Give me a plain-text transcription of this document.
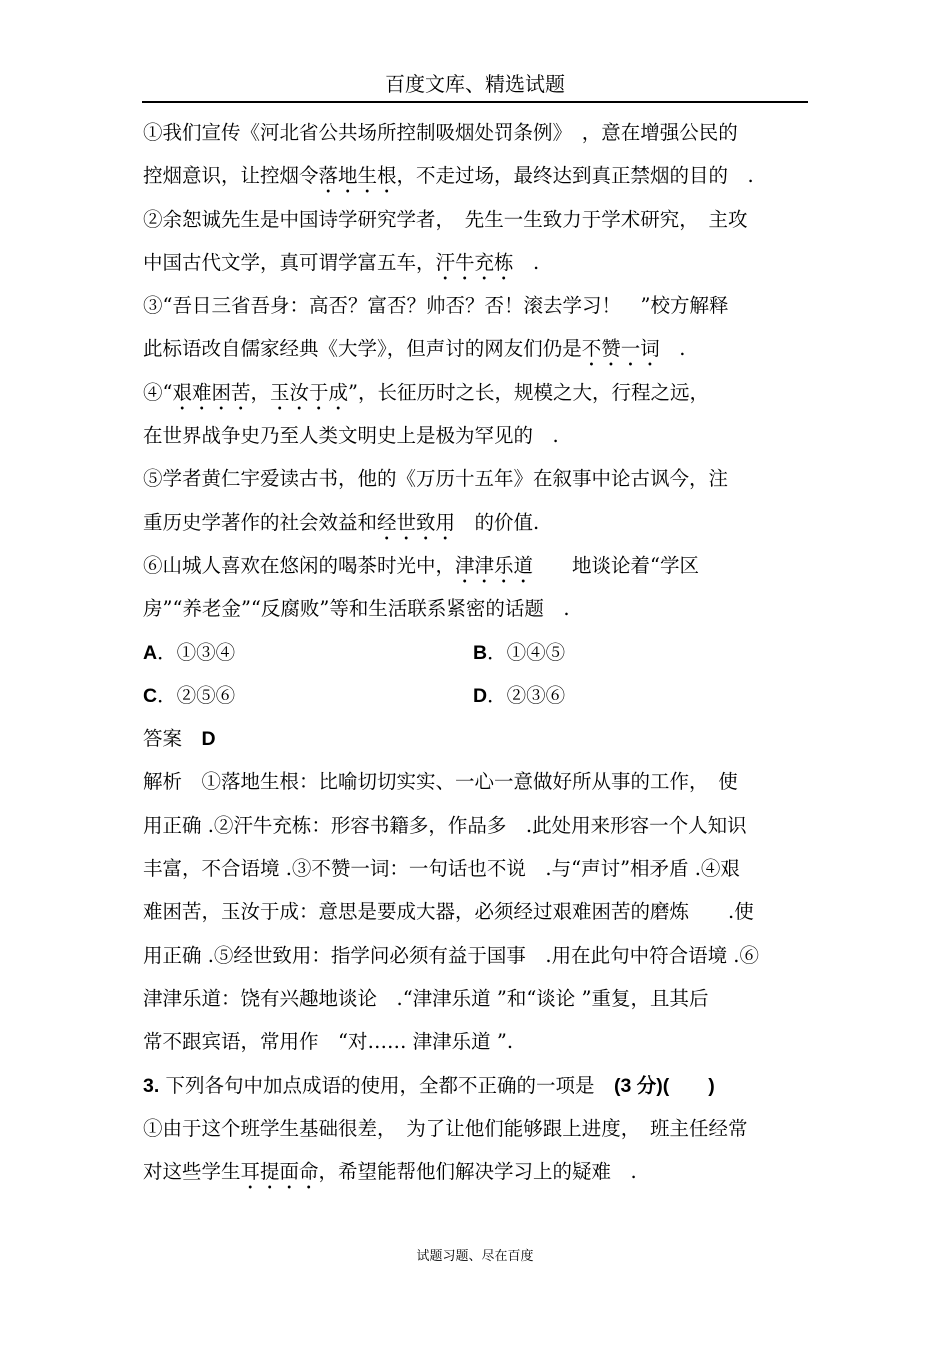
百度文库、精选试题
①我们宣传《河北省公共场所控制吸烟处罚条例》　，意在增强公民的
控烟意识，让控烟令落地生根，不走过场，最终达到真正禁烟的目的　.
②余恕诚先生是中国诗学研究学者，　先生一生致力于学术研究，　主攻
中国古代文学，真可谓学富五车，汗牛充栋　.
③“吾日三省吾身：高否？富否？帅否？否！滚去学习！　”校方解释
此标语改自儒家经典《大学》，但声讨的网友们仍是不赞一词　.
④“艰难困苦，玉汝于成”，长征历时之长，规模之大，行程之远，
在世界战争史乃至人类文明史上是极为罕见的　.
⑤学者黄仁宇爱读古书，他的《万历十五年》在叙事中论古讽今，注
重历史学著作的社会效益和经世致用　的价值.
⑥山城人喜欢在悠闲的喝茶时光中，津津乐道　　地谈论着“学区
房”“养老金”“反腐败”等和生活联系紧密的话题　.
A．①③④	B．①④⑤
C．②⑤⑥	D．②③⑥
答案　D
解析　①落地生根：比喻切切实实、一心一意做好所从事的工作，　使
用正确 .②汗牛充栋：形容书籍多，作品多　.此处用来形容一个人知识
丰富，不合语境 .③不赞一词：一句话也不说　.与“声讨”相矛盾 .④艰
难困苦，玉汝于成：意思是要成大器，必须经过艰难困苦的磨炼　　.使
用正确 .⑤经世致用：指学问必须有益于国事　.用在此句中符合语境 .⑥
津津乐道：饶有兴趣地谈论　.“津津乐道 ”和“谈论 ”重复，且其后
常不跟宾语，常用作　“对…… 津津乐道 ”.
3. 下列各句中加点成语的使用，全都不正确的一项是　(3 分)(　　)
①由于这个班学生基础很差，　为了让他们能够跟上进度，　班主任经常
对这些学生耳提面命，希望能帮他们解决学习上的疑难　.
试题习题、尽在百度
